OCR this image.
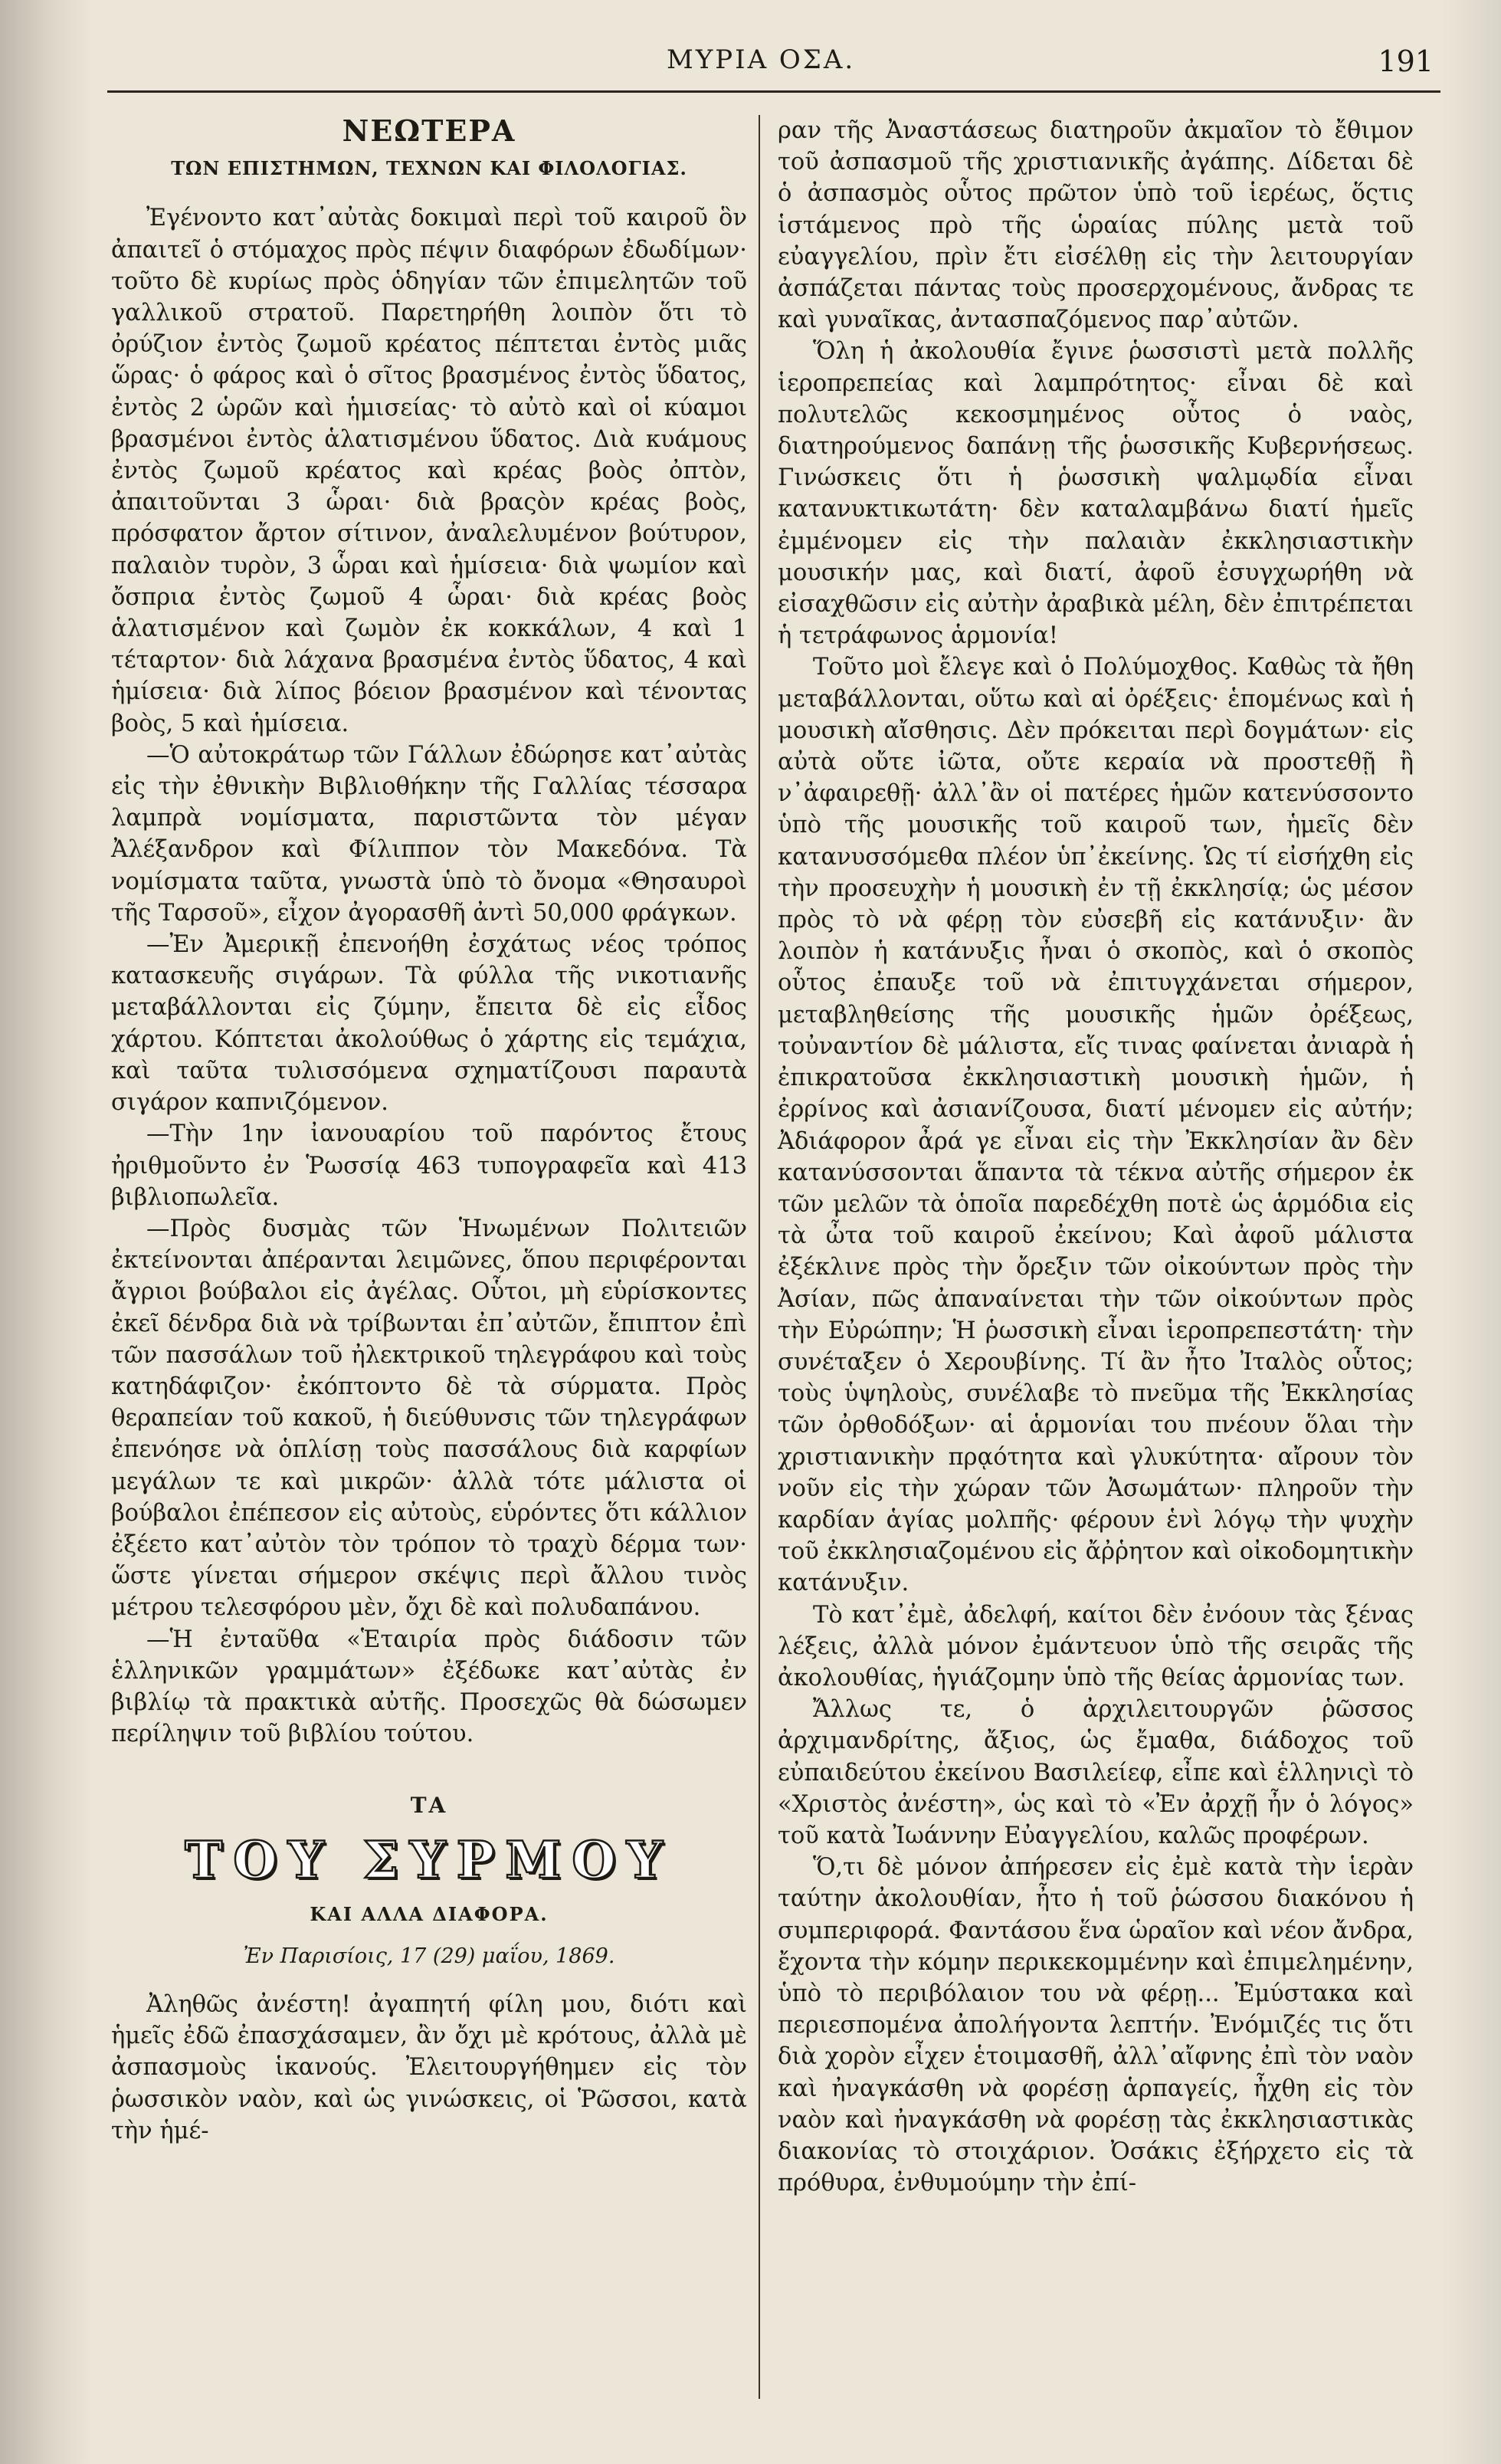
ΜΥΡΙΑ ΟΣΑ.	191
ΝΕΩΤΕΡΑ
ΤΩΝ ΕΠΙΣΤΗΜΩΝ, ΤΕΧΝΩΝ ΚΑΙ ΦΙΛΟΛΟΓΙΑΣ.

Ἐγένοντο κατ᾽αὐτὰς δοκιμαὶ περὶ τοῦ καιροῦ ὃν ἀπαιτεῖ ὁ στόμαχος πρὸς πέψιν διαφόρων ἐδωδίμων· τοῦτο δὲ κυρίως πρὸς ὁδηγίαν τῶν ἐπιμελητῶν τοῦ γαλλικοῦ στρατοῦ. Παρετηρήθη λοιπὸν ὅτι τὸ ὀρύζιον ἐντὸς ζωμοῦ κρέατος πέπτεται ἐντὸς μιᾶς ὥρας· ὁ φάρος καὶ ὁ σῖτος βρασμένος ἐντὸς ὕδατος, ἐντὸς 2 ὡρῶν καὶ ἡμισείας· τὸ αὐτὸ καὶ οἱ κύαμοι βρασμένοι ἐντὸς ἁλατισμένου ὕδατος. Διὰ κυάμους ἐντὸς ζωμοῦ κρέατος καὶ κρέας βοὸς ὀπτὸν, ἀπαιτοῦνται 3 ὧραι· διὰ βραςὸν κρέας βοὸς, πρόσφατον ἄρτον σίτινον, ἀναλελυμένον βούτυρον, παλαιὸν τυρὸν, 3 ὧραι καὶ ἡμίσεια· διὰ ψωμίον καὶ ὄσπρια ἐντὸς ζωμοῦ 4 ὧραι· διὰ κρέας βοὸς ἁλατισμένον καὶ ζωμὸν ἐκ κοκκάλων, 4 καὶ 1 τέταρτον· διὰ λάχανα βρασμένα ἐντὸς ὕδατος, 4 καὶ ἡμίσεια· διὰ λίπος βόειον βρασμένον καὶ τένοντας βοὸς, 5 καὶ ἡμίσεια.

—Ὁ αὐτοκράτωρ τῶν Γάλλων ἐδώρησε κατ᾽αὐτὰς εἰς τὴν ἐθνικὴν Βιβλιοθήκην τῆς Γαλλίας τέσσαρα λαμπρὰ νομίσματα, παριστῶντα τὸν μέγαν Ἀλέξανδρον καὶ Φίλιππον τὸν Μακεδόνα. Τὰ νομίσματα ταῦτα, γνωστὰ ὑπὸ τὸ ὄνομα «Θησαυροὶ τῆς Ταρσοῦ», εἶχον ἀγορασθῆ ἀντὶ 50,000 φράγκων.

—Ἐν Ἀμερικῇ ἐπενοήθη ἐσχάτως νέος τρόπος κατασκευῆς σιγάρων. Τὰ φύλλα τῆς νικοτιανῆς μεταβάλλονται εἰς ζύμην, ἔπειτα δὲ εἰς εἶδος χάρτου. Κόπτεται ἀκολούθως ὁ χάρτης εἰς τεμάχια, καὶ ταῦτα τυλισσόμενα σχηματίζουσι παραυτὰ σιγάρον καπνιζόμενον.

—Τὴν 1ην ἰανουαρίου τοῦ παρόντος ἔτους ἠριθμοῦντο ἐν Ῥωσσίᾳ 463 τυπογραφεῖα καὶ 413 βιβλιοπωλεῖα.

—Πρὸς δυσμὰς τῶν Ἡνωμένων Πολιτειῶν ἐκτείνονται ἀπέρανται λειμῶνες, ὅπου περιφέρονται ἄγριοι βούβαλοι εἰς ἀγέλας. Οὗτοι, μὴ εὑρίσκοντες ἐκεῖ δένδρα διὰ νὰ τρίβωνται ἐπ᾽αὐτῶν, ἔπιπτον ἐπὶ τῶν πασσάλων τοῦ ἠλεκτρικοῦ τηλεγράφου καὶ τοὺς κατηδάφιζον· ἐκόπτοντο δὲ τὰ σύρματα. Πρὸς θεραπείαν τοῦ κακοῦ, ἡ διεύθυνσις τῶν τηλεγράφων ἐπενόησε νὰ ὁπλίσῃ τοὺς πασσάλους διὰ καρφίων μεγάλων τε καὶ μικρῶν· ἀλλὰ τότε μάλιστα οἱ βούβαλοι ἐπέπεσον εἰς αὐτοὺς, εὑρόντες ὅτι κάλλιον ἐξέετο κατ᾽αὐτὸν τὸν τρόπον τὸ τραχὺ δέρμα των· ὥστε γίνεται σήμερον σκέψις περὶ ἄλλου τινὸς μέτρου τελεσφόρου μὲν, ὄχι δὲ καὶ πολυδαπάνου.

—Ἡ ἐνταῦθα «Ἑταιρία πρὸς διάδοσιν τῶν ἑλληνικῶν γραμμάτων» ἐξέδωκε κατ᾽αὐτὰς ἐν βιβλίῳ τὰ πρακτικὰ αὐτῆς. Προσεχῶς θὰ δώσωμεν περίληψιν τοῦ βιβλίου τούτου.

ΤΑ
ΤΟΥ ΣΥΡΜΟΥ
ΚΑΙ ΑΛΛΑ ΔΙΑΦΟΡΑ.
Ἐν Παρισίοις, 17 (29) μαΐου, 1869.

Ἀληθῶς ἀνέστη! ἀγαπητή φίλη μου, διότι καὶ ἡμεῖς ἐδῶ ἐπασχάσαμεν, ἂν ὄχι μὲ κρότους, ἀλλὰ μὲ ἀσπασμοὺς ἱκανούς. Ἐλειτουργήθημεν εἰς τὸν ῥωσσικὸν ναὸν, καὶ ὡς γινώσκεις, οἱ Ῥῶσσοι, κατὰ τὴν ἡμέ-

ραν τῆς Ἀναστάσεως διατηροῦν ἀκμαῖον τὸ ἔθιμον τοῦ ἀσπασμοῦ τῆς χριστιανικῆς ἀγάπης. Δίδεται δὲ ὁ ἀσπασμὸς οὗτος πρῶτον ὑπὸ τοῦ ἱερέως, ὅςτις ἱστάμενος πρὸ τῆς ὡραίας πύλης μετὰ τοῦ εὐαγγελίου, πρὶν ἔτι εἰσέλθῃ εἰς τὴν λειτουργίαν ἀσπάζεται πάντας τοὺς προσερχομένους, ἄνδρας τε καὶ γυναῖκας, ἀντασπαζόμενος παρ᾽αὐτῶν.

Ὅλη ἡ ἀκολουθία ἔγινε ῥωσσιστὶ μετὰ πολλῆς ἱεροπρεπείας καὶ λαμπρότητος· εἶναι δὲ καὶ πολυτελῶς κεκοσμημένος οὗτος ὁ ναὸς, διατηρούμενος δαπάνῃ τῆς ῥωσσικῆς Κυβερνήσεως. Γινώσκεις ὅτι ἡ ῥωσσικὴ ψαλμῳδία εἶναι κατανυκτικωτάτη· δὲν καταλαμβάνω διατί ἡμεῖς ἐμμένομεν εἰς τὴν παλαιὰν ἐκκλησιαστικὴν μουσικήν μας, καὶ διατί, ἀφοῦ ἐσυγχωρήθη νὰ εἰσαχθῶσιν εἰς αὐτὴν ἀραβικὰ μέλη, δὲν ἐπιτρέπεται ἡ τετράφωνος ἁρμονία!

Τοῦτο μοὶ ἔλεγε καὶ ὁ Πολύμοχθος. Καθὼς τὰ ἤθη μεταβάλλονται, οὕτω καὶ αἱ ὀρέξεις· ἑπομένως καὶ ἡ μουσικὴ αἴσθησις. Δὲν πρόκειται περὶ δογμάτων· εἰς αὐτὰ οὔτε ἰῶτα, οὔτε κεραία νὰ προστεθῇ ἢ ν᾽ἀφαιρεθῇ· ἀλλ᾽ἂν οἱ πατέρες ἡμῶν κατενύσσοντο ὑπὸ τῆς μουσικῆς τοῦ καιροῦ των, ἡμεῖς δὲν κατανυσσόμεθα πλέον ὑπ᾽ἐκείνης. Ὡς τί εἰσήχθη εἰς τὴν προσευχὴν ἡ μουσικὴ ἐν τῇ ἐκκλησίᾳ; ὡς μέσον πρὸς τὸ νὰ φέρῃ τὸν εὐσεβῆ εἰς κατάνυξιν· ἂν λοιπὸν ἡ κατάνυξις ἦναι ὁ σκοπὸς, καὶ ὁ σκοπὸς οὗτος ἐπαυξε τοῦ νὰ ἐπιτυγχάνεται σήμερον, μεταβληθείσης τῆς μουσικῆς ἡμῶν ὀρέξεως, τοὐναντίον δὲ μάλιστα, εἴς τινας φαίνεται ἀνιαρὰ ἡ ἐπικρατοῦσα ἐκκλησιαστικὴ μουσικὴ ἡμῶν, ἡ ἐρρίνος καὶ ἀσιανίζουσα, διατί μένομεν εἰς αὐτήν; Ἀδιάφορον ἆρά γε εἶναι εἰς τὴν Ἐκκλησίαν ἂν δὲν κατανύσσονται ἅπαντα τὰ τέκνα αὐτῆς σήμερον ἐκ τῶν μελῶν τὰ ὁποῖα παρεδέχθη ποτὲ ὡς ἁρμόδια εἰς τὰ ὦτα τοῦ καιροῦ ἐκείνου; Καὶ ἀφοῦ μάλιστα ἐξέκλινε πρὸς τὴν ὄρεξιν τῶν οἰκούντων πρὸς τὴν Ἀσίαν, πῶς ἀπαναίνεται τὴν τῶν οἰκούντων πρὸς τὴν Εὐρώπην; Ἡ ῥωσσικὴ εἶναι ἱεροπρεπεστάτη· τὴν συνέταξεν ὁ Χερουβίνης. Τί ἂν ἦτο Ἰταλὸς οὗτος; τοὺς ὑψηλοὺς, συνέλαβε τὸ πνεῦμα τῆς Ἐκκλησίας τῶν ὀρθοδόξων· αἱ ἁρμονίαι του πνέουν ὅλαι τὴν χριστιανικὴν πρᾳότητα καὶ γλυκύτητα· αἴρουν τὸν νοῦν εἰς τὴν χώραν τῶν Ἀσωμάτων· πληροῦν τὴν καρδίαν ἁγίας μολπῆς· φέρουν ἑνὶ λόγῳ τὴν ψυχὴν τοῦ ἐκκλησιαζομένου εἰς ἄῤῥητον καὶ οἰκοδομητικὴν κατάνυξιν.

Τὸ κατ᾽ἐμὲ, ἀδελφή, καίτοι δὲν ἐνόουν τὰς ξένας λέξεις, ἀλλὰ μόνον ἐμάντευον ὑπὸ τῆς σειρᾶς τῆς ἀκολουθίας, ἡγιάζομην ὑπὸ τῆς θείας ἁρμονίας των.

Ἄλλως τε, ὁ ἀρχιλειτουργῶν ῥῶσσος ἀρχιμανδρίτης, ἄξιος, ὡς ἔμαθα, διάδοχος τοῦ εὐπαιδεύτου ἐκείνου Βασιλείεφ, εἶπε καὶ ἑλληνιςὶ τὸ «Χριστὸς ἀνέστη», ὡς καὶ τὸ «Ἐν ἀρχῇ ἦν ὁ λόγος» τοῦ κατὰ Ἰωάννην Εὐαγγελίου, καλῶς προφέρων.

Ὅ,τι δὲ μόνον ἀπήρεσεν εἰς ἐμὲ κατὰ τὴν ἱερὰν ταύτην ἀκολουθίαν, ἦτο ἡ τοῦ ῥώσσου διακόνου ἡ συμπεριφορά. Φαντάσου ἕνα ὡραῖον καὶ νέον ἄνδρα, ἔχοντα τὴν κόμην περικεκομμένην καὶ ἐπιμελημένην, ὑπὸ τὸ περιβόλαιον του νὰ φέρῃ... Ἐμύστακα καὶ περιεσπομένα ἀπολήγοντα λεπτήν. Ἐνόμιζές τις ὅτι διὰ χορὸν εἶχεν ἑτοιμασθῆ, ἀλλ᾽αἴφνης ἐπὶ τὸν ναὸν καὶ ἠναγκάσθη νὰ φορέσῃ ἁρπαγείς, ἦχθη εἰς τὸν ναὸν καὶ ἠναγκάσθη νὰ φορέσῃ τὰς ἐκκλησιαστικὰς διακονίας τὸ στοιχάριον. Ὀσάκις ἐξήρχετο εἰς τὰ πρόθυρα, ἐνθυμούμην τὴν ἐπί-
